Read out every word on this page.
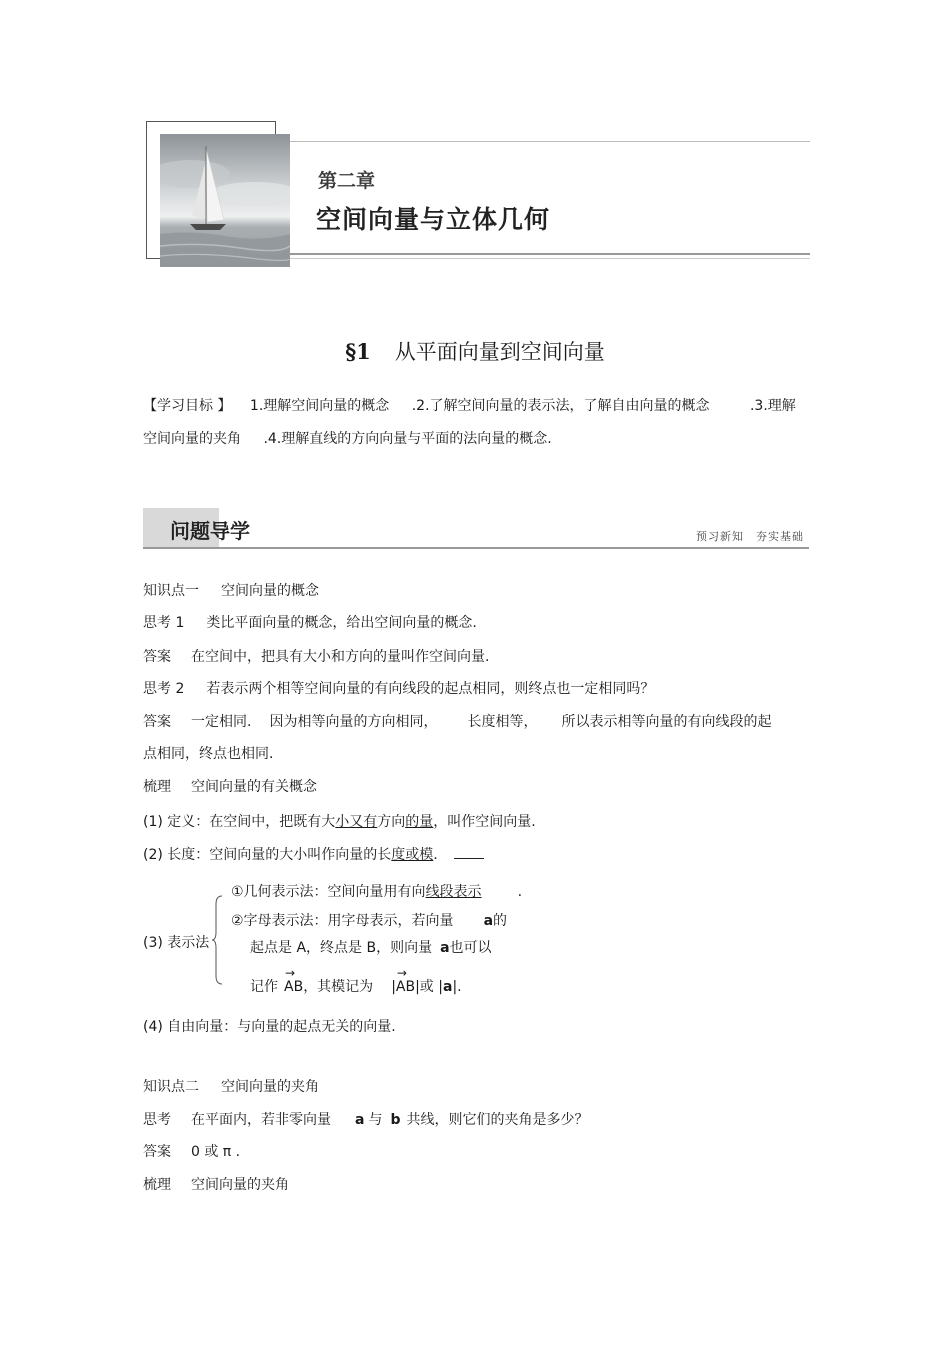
第二章
空间向量与立体几何
§1 从平面向量到空间向量
【学习目标 】 1.理解空间向量的概念 .2.了解空间向量的表示法，了解自由向量的概念	.3.理解
空间向量的夹角 .4.理解直线的方向向量与平面的法向量的概念.
问题导学	预习新知 夯实基础
知识点一 空间向量的概念
思考 1 类比平面向量的概念，给出空间向量的概念.
答案 在空间中，把具有大小和方向的量叫作空间向量.
思考 2 若表示两个相等空间向量的有向线段的起点相同，则终点也一定相同吗？
答案 一定相同. 因为相等向量的方向相同， 长度相等， 所以表示相等向量的有向线段的起
点相同，终点也相同.
梳理 空间向量的有关概念
(1) 定义：在空间中，把既有大小又有方向的量，叫作空间向量.
(2) 长度：空间向量的大小叫作向量的长度或模.
(3) 表示法
①几何表示法：空间向量用有向线段表示	.
②字母表示法：用字母表示，若向量 a的
起点是 A，终点是 B，则向量 a也可以
记作→ AB，其模记为 |→ AB|或 |a|.
(4) 自由向量：与向量的起点无关的向量.
知识点二 空间向量的夹角
思考 在平面内，若非零向量 a 与 b 共线，则它们的夹角是多少？
答案 0 或 π .
梳理 空间向量的夹角
